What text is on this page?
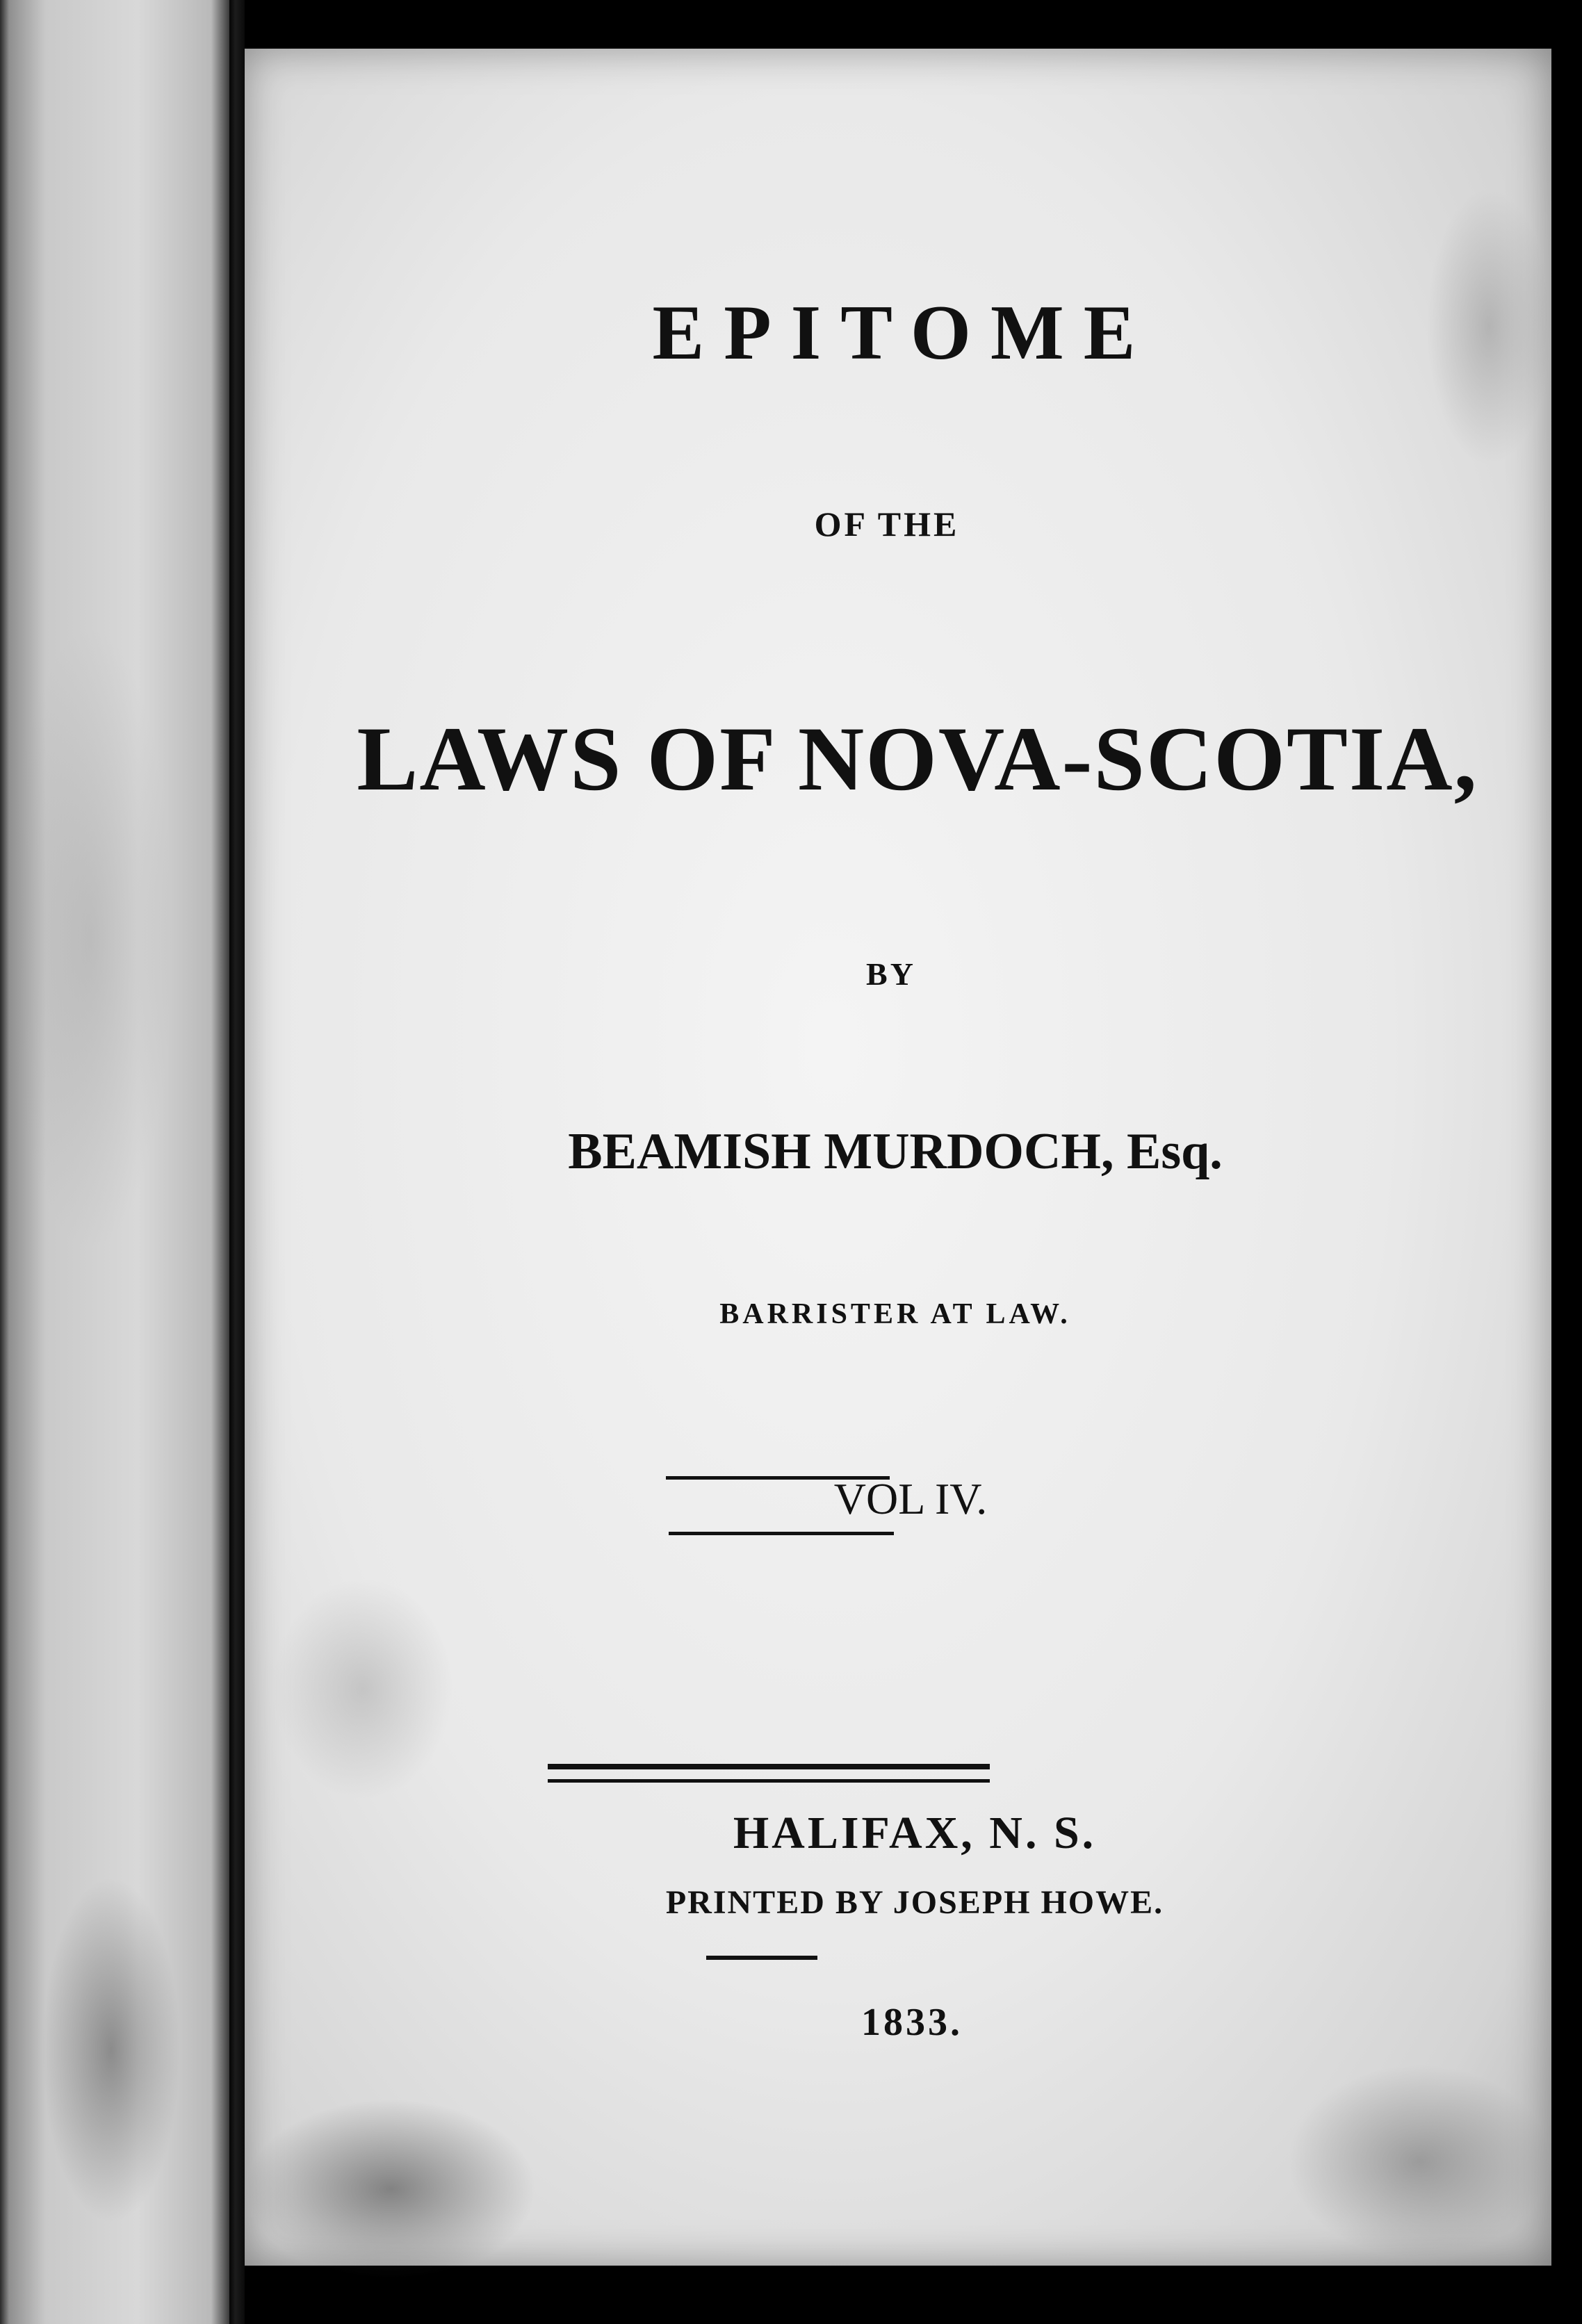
EPITOME
OF THE
LAWS OF NOVA-SCOTIA,
BY
BEAMISH MURDOCH, Esq.
BARRISTER AT LAW.
VOL IV.
HALIFAX, N. S.
PRINTED BY JOSEPH HOWE.
1833.
